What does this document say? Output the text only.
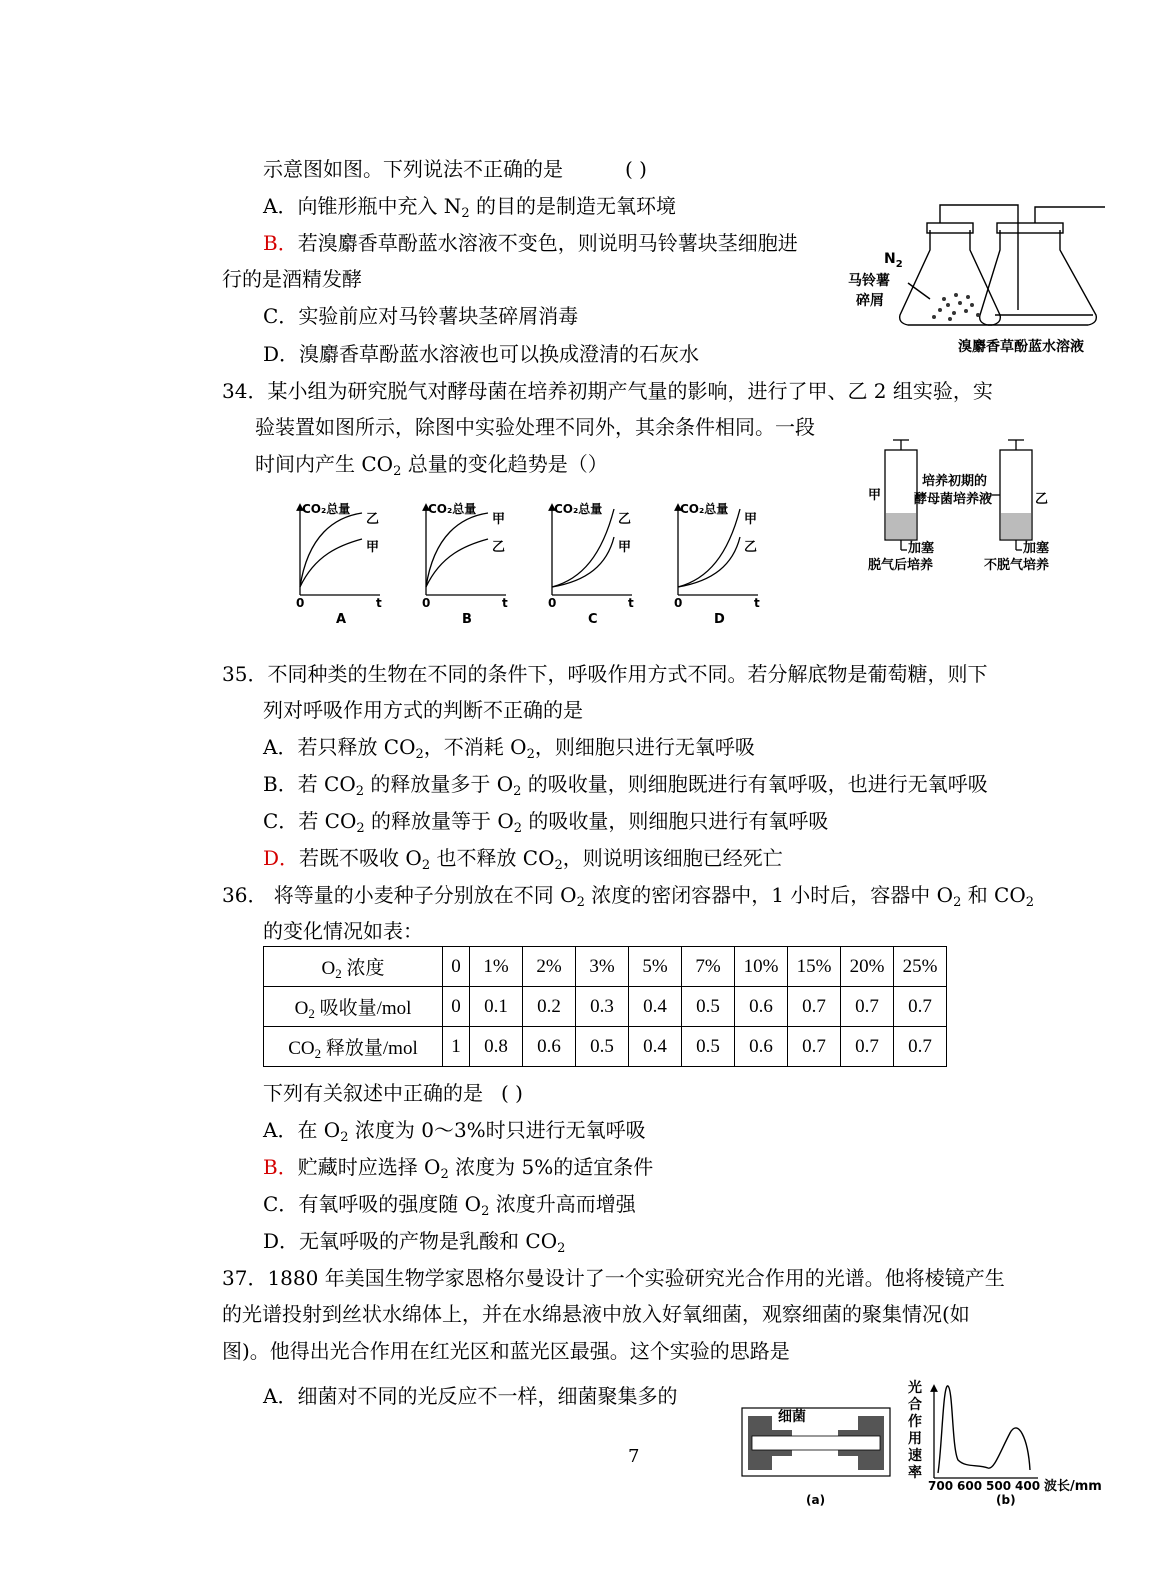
示意图如图。下列说法不正确的是	( )
A．向锥形瓶中充入 $N_2$ 的目的是制造无氧环境
B．若溴麝香草酚蓝水溶液不变色，则说明马铃薯块茎细胞进
行的是酒精发酵
C．实验前应对马铃薯块茎碎屑消毒
D．溴麝香草酚蓝水溶液也可以换成澄清的石灰水
$N_2$
马铃薯
碎屑
溴麝香草酚蓝水溶液
34．某小组为研究脱气对酵母菌在培养初期产气量的影响，进行了甲、乙 2 组实验，实
验装置如图所示，除图中实验处理不同外，其余条件相同。一段
时间内产生 $CO_2$ 总量的变化趋势是（）
CO₂总量
乙
甲
0	t
A
CO₂总量
甲
乙
0	t
B
CO₂总量
乙
甲
0	t
C
CO₂总量
甲
乙
0	t
D
甲	乙
培养初期的
酵母菌培养液
加塞	加塞
脱气后培养	不脱气培养
35．不同种类的生物在不同的条件下，呼吸作用方式不同。若分解底物是葡萄糖，则下
列对呼吸作用方式的判断不正确的是
A．若只释放 $CO_2$，不消耗 $O_2$，则细胞只进行无氧呼吸
B．若 $CO_2$ 的释放量多于 $O_2$ 的吸收量，则细胞既进行有氧呼吸，也进行无氧呼吸
C．若 $CO_2$ 的释放量等于 $O_2$ 的吸收量，则细胞只进行有氧呼吸
D．若既不吸收 $O_2$ 也不释放 $CO_2$，则说明该细胞已经死亡
36． 将等量的小麦种子分别放在不同 $O_2$ 浓度的密闭容器中，1 小时后，容器中 $O_2$ 和 $CO_2$
的变化情况如表：
$O_2$ 浓度	0	1%	2%	3%	5%	7%	10%	15%	20%	25%
$O_2$ 吸收量/mol	0	0.1	0.2	0.3	0.4	0.5	0.6	0.7	0.7	0.7
$CO_2$ 释放量/mol	1	0.8	0.6	0.5	0.4	0.5	0.6	0.7	0.7	0.7
下列有关叙述中正确的是 ( )
A．在 $O_2$ 浓度为 0～3%时只进行无氧呼吸
B．贮藏时应选择 $O_2$ 浓度为 5%的适宜条件
C．有氧呼吸的强度随 $O_2$ 浓度升高而增强
D．无氧呼吸的产物是乳酸和 $CO_2$
37．1880 年美国生物学家恩格尔曼设计了一个实验研究光合作用的光谱。他将棱镜产生
的光谱投射到丝状水绵体上，并在水绵悬液中放入好氧细菌，观察细菌的聚集情况(如
图)。他得出光合作用在红光区和蓝光区最强。这个实验的思路是
A．细菌对不同的光反应不一样，细菌聚集多的
细菌
(a)
光
合
作
用
速
率
700 600 500 400 波长/mm
(b)
7
